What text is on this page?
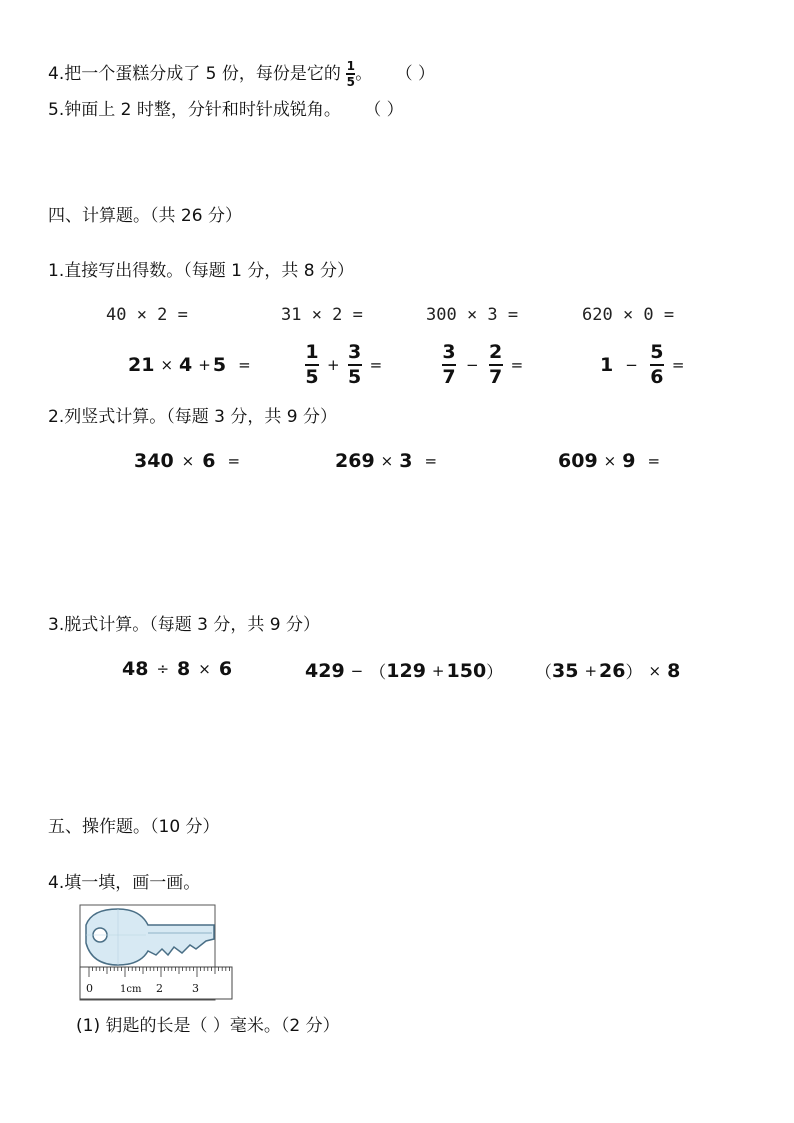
4.把一个蛋糕分成了 5 份，每份是它的 $\frac{1}{5}$ 。 （ ）
5.钟面上 2 时整，分针和时针成锐角。 （ ）
四、计算题。（共 26 分）
1.直接写出得数。（每题 1 分，共 8 分）
40 × 2 =	31 × 2 =	300 × 3 =	620 × 0 =
21 × 4 + 5 =	$\frac{1}{5} + \frac{3}{5}$ =	$\frac{3}{7} - \frac{2}{7}$ =	$1 - \frac{5}{6}$ =
2.列竖式计算。（每题 3 分，共 9 分）
340 × 6 =	269 × 3 =	609 × 9 =
3.脱式计算。（每题 3 分，共 9 分）
48 ÷ 8 × 6	429 − （ 129 + 150 ） （ 35 + 26 ） × 8
五、操作题。（10 分）
4.填一填，画一画。
0	1cm 2	3
(1) 钥匙的长是（ ）毫米。（2 分）
